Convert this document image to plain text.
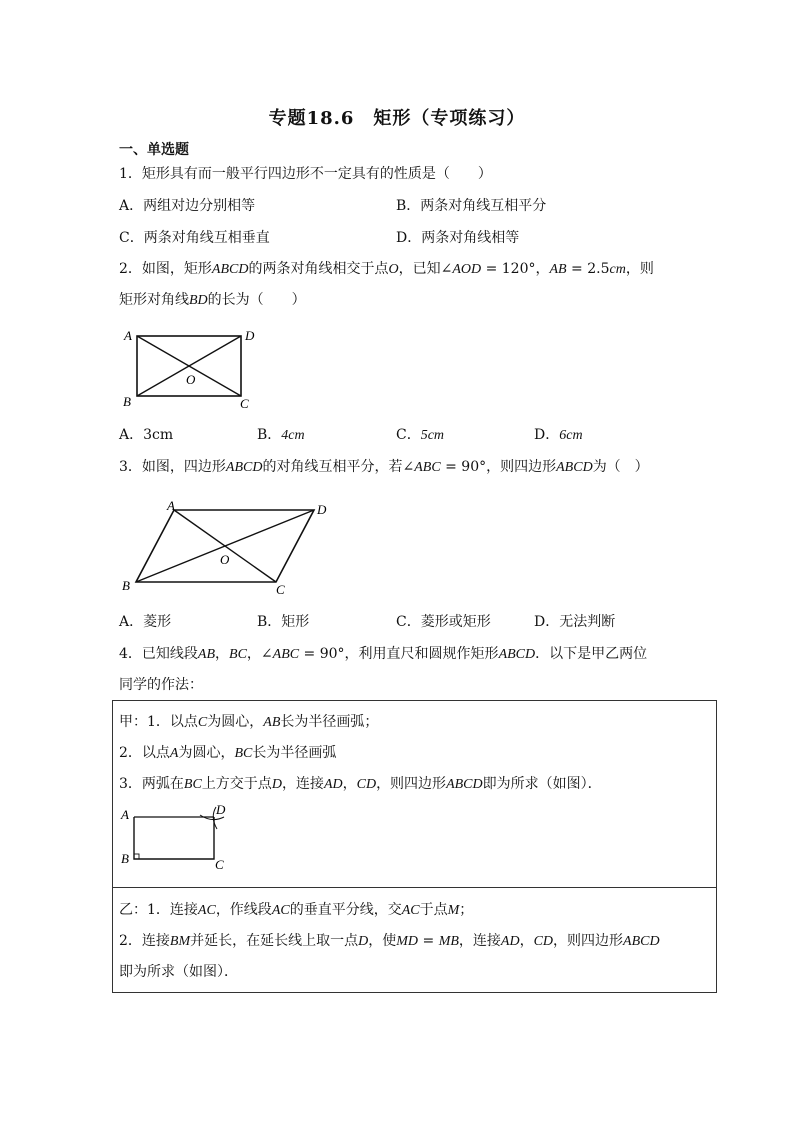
专题18.6　矩形（专项练习）
一、单选题
1．矩形具有而一般平行四边形不一定具有的性质是（　　）
A．两组对边分别相等	B．两条对角线互相平分
C．两条对角线互相垂直	D．两条对角线相等
2．如图，矩形ABCD的两条对角线相交于点O，已知∠AOD = 120°，AB = 2.5cm，则
矩形对角线BD的长为（　　）
A	D
B	C
O
A．3cm	B．4cm	C．5cm	D．6cm
3．如图，四边形ABCD的对角线互相平分，若∠ABC = 90°，则四边形ABCD为（　）
A	D
B	C
O
A．菱形	B．矩形	C．菱形或矩形	D．无法判断
4．已知线段AB，BC，∠ABC = 90°，利用直尺和圆规作矩形ABCD．以下是甲乙两位
同学的作法：
甲：1．以点C为圆心，AB长为半径画弧；
2．以点A为圆心，BC长为半径画弧
3．两弧在BC上方交于点D，连接AD，CD，则四边形ABCD即为所求（如图）．
A	D
B	C
乙：1．连接AC，作线段AC的垂直平分线，交AC于点M；
2．连接BM并延长，在延长线上取一点D，使MD = MB，连接AD，CD，则四边形ABCD
即为所求（如图）．
